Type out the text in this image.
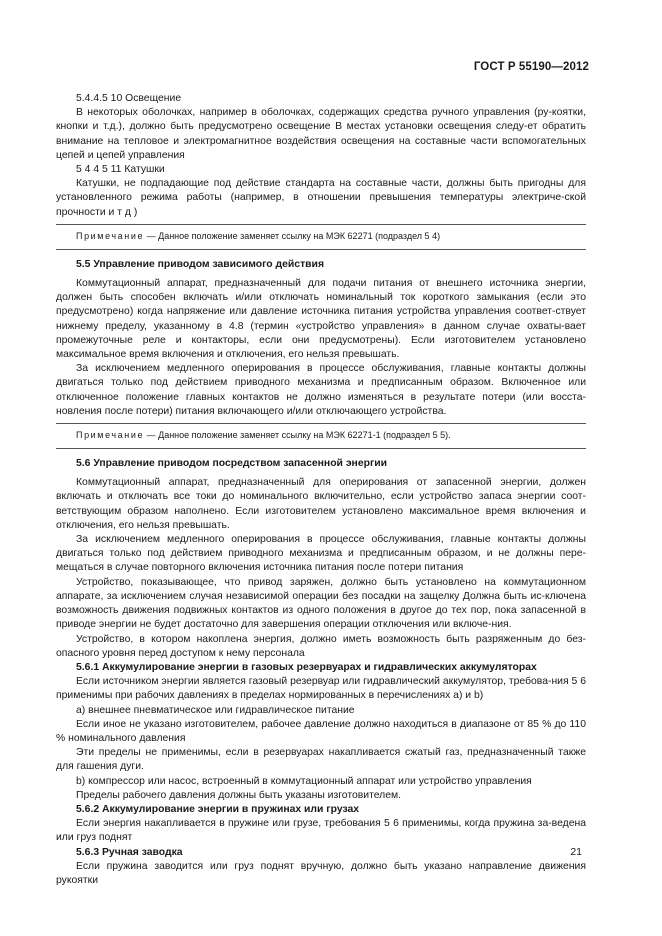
ГОСТ Р 55190—2012

5.4.4.5 10 Освещение

В некоторых оболочках, например в оболочках, содержащих средства ручного управления (ру-коятки, кнопки и т.д.), должно быть предусмотрено освещение В местах установки освещения следу-ет обратить внимание на тепловое и электромагнитное воздействия освещения на составные части вспомогательных цепей и цепей управления

5 4 4 5 11 Катушки

Катушки, не подпадающие под действие стандарта на составные части, должны быть пригодны для установленного режима работы (например, в отношении превышения температуры электриче-ской прочности и т д )

Примечание — Данное положение заменяет ссылку на МЭК 62271 (подраздел 5 4)

5.5 Управление приводом зависимого действия

Коммутационный аппарат, предназначенный для подачи питания от внешнего источника энергии, должен быть способен включать и/или отключать номинальный ток короткого замыкания (если это предусмотрено) когда напряжение или давление источника питания устройства управления соответ-ствует нижнему пределу, указанному в 4.8 (термин «устройство управления» в данном случае охваты-вает промежуточные реле и контакторы, если они предусмотрены). Если изготовителем установлено максимальное время включения и отключения, его нельзя превышать.

За исключением медленного оперирования в процессе обслуживания, главные контакты должны двигаться только под действием приводного механизма и предписанным образом. Включенное или отключенное положение главных контактов не должно изменяться в результате потери (или восста-новления после потери) питания включающего и/или отключающего устройства.

Примечание — Данное положение заменяет ссылку на МЭК 62271-1 (подраздел 5 5).

5.6 Управление приводом посредством запасенной энергии

Коммутационный аппарат, предназначенный для оперирования от запасенной энергии, должен включать и отключать все токи до номинального включительно, если устройство запаса энергии соот-ветствующим образом наполнено. Если изготовителем установлено максимальное время включения и отключения, его нельзя превышать.

За исключением медленного оперирования в процессе обслуживания, главные контакты должны двигаться только под действием приводного механизма и предписанным образом, и не должны пере-мещаться в случае повторного включения источника питания после потери питания

Устройство, показывающее, что привод заряжен, должно быть установлено на коммутационном аппарате, за исключением случая независимой операции без посадки на защелку Должна быть ис-ключена возможность движения подвижных контактов из одного положения в другое до тех пор, пока запасенной в приводе энергии не будет достаточно для завершения операции отключения или включе-ния.

Устройство, в котором накоплена энергия, должно иметь возможность быть разряженным до без-опасного уровня перед доступом к нему персонала

5.6.1 Аккумулирование энергии в газовых резервуарах и гидравлических аккумуляторах

Если источником энергии является газовый резервуар или гидравлический аккумулятор, требова-ния 5 6 применимы при рабочих давлениях в пределах нормированных в перечислениях а) и b)

а) внешнее пневматическое или гидравлическое питание

Если иное не указано изготовителем, рабочее давление должно находиться в диапазоне от 85 % до 110 % номинального давления

Эти пределы не применимы, если в резервуарах накапливается сжатый газ, предназначенный также для гашения дуги.

b) компрессор или насос, встроенный в коммутационный аппарат или устройство управления

Пределы рабочего давления должны быть указаны изготовителем.

5.6.2 Аккумулирование энергии в пружинах или грузах

Если энергия накапливается в пружине или грузе, требования 5 6 применимы, когда пружина за-ведена или груз поднят

5.6.3 Ручная заводка

Если пружина заводится или груз поднят вручную, должно быть указано направление движения рукоятки

21
